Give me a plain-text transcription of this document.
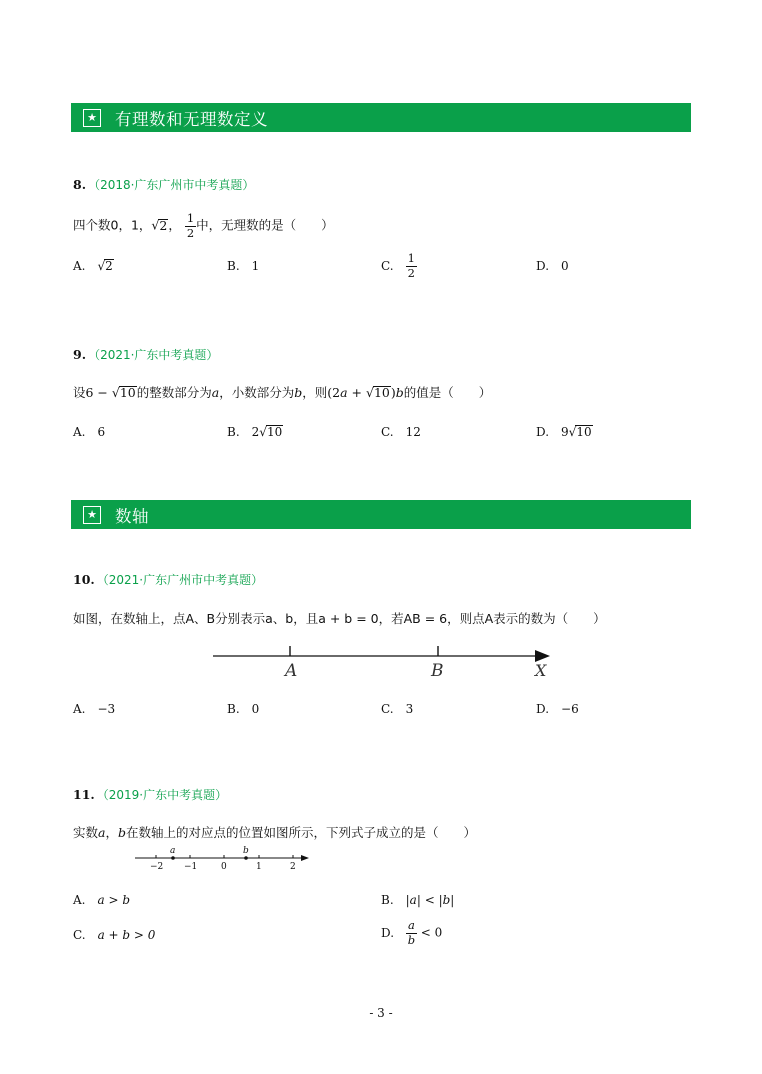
★ 有理数和无理数定义
8. （2018·广东广州市中考真题）
四个数0，1，√2， $\frac{1}{2}$ 中，无理数的是（　　）
A. √2	B. 1	C. $\frac{1}{2}$	D. 0
9. （2021·广东中考真题）
设6 − √10的整数部分为a，小数部分为b，则(2a + √10)b的值是（　　）
A. 6	B. 2√10	C. 12	D. 9√10
★ 数轴
10. （2021·广东广州市中考真题）
如图，在数轴上，点A、B分别表示a、b，且a + b = 0，若AB = 6，则点A表示的数为（　　）
A	B	X
A. −3	B. 0	C. 3	D. −6
11. （2019·广东中考真题）
实数a，b在数轴上的对应点的位置如图所示，下列式子成立的是（　　）
a	b
−2 −1	0	1	2
A. a > b	B. |a| < |b|
C. a + b > 0	D. $\frac{a}{b} < 0$
- 3 -
